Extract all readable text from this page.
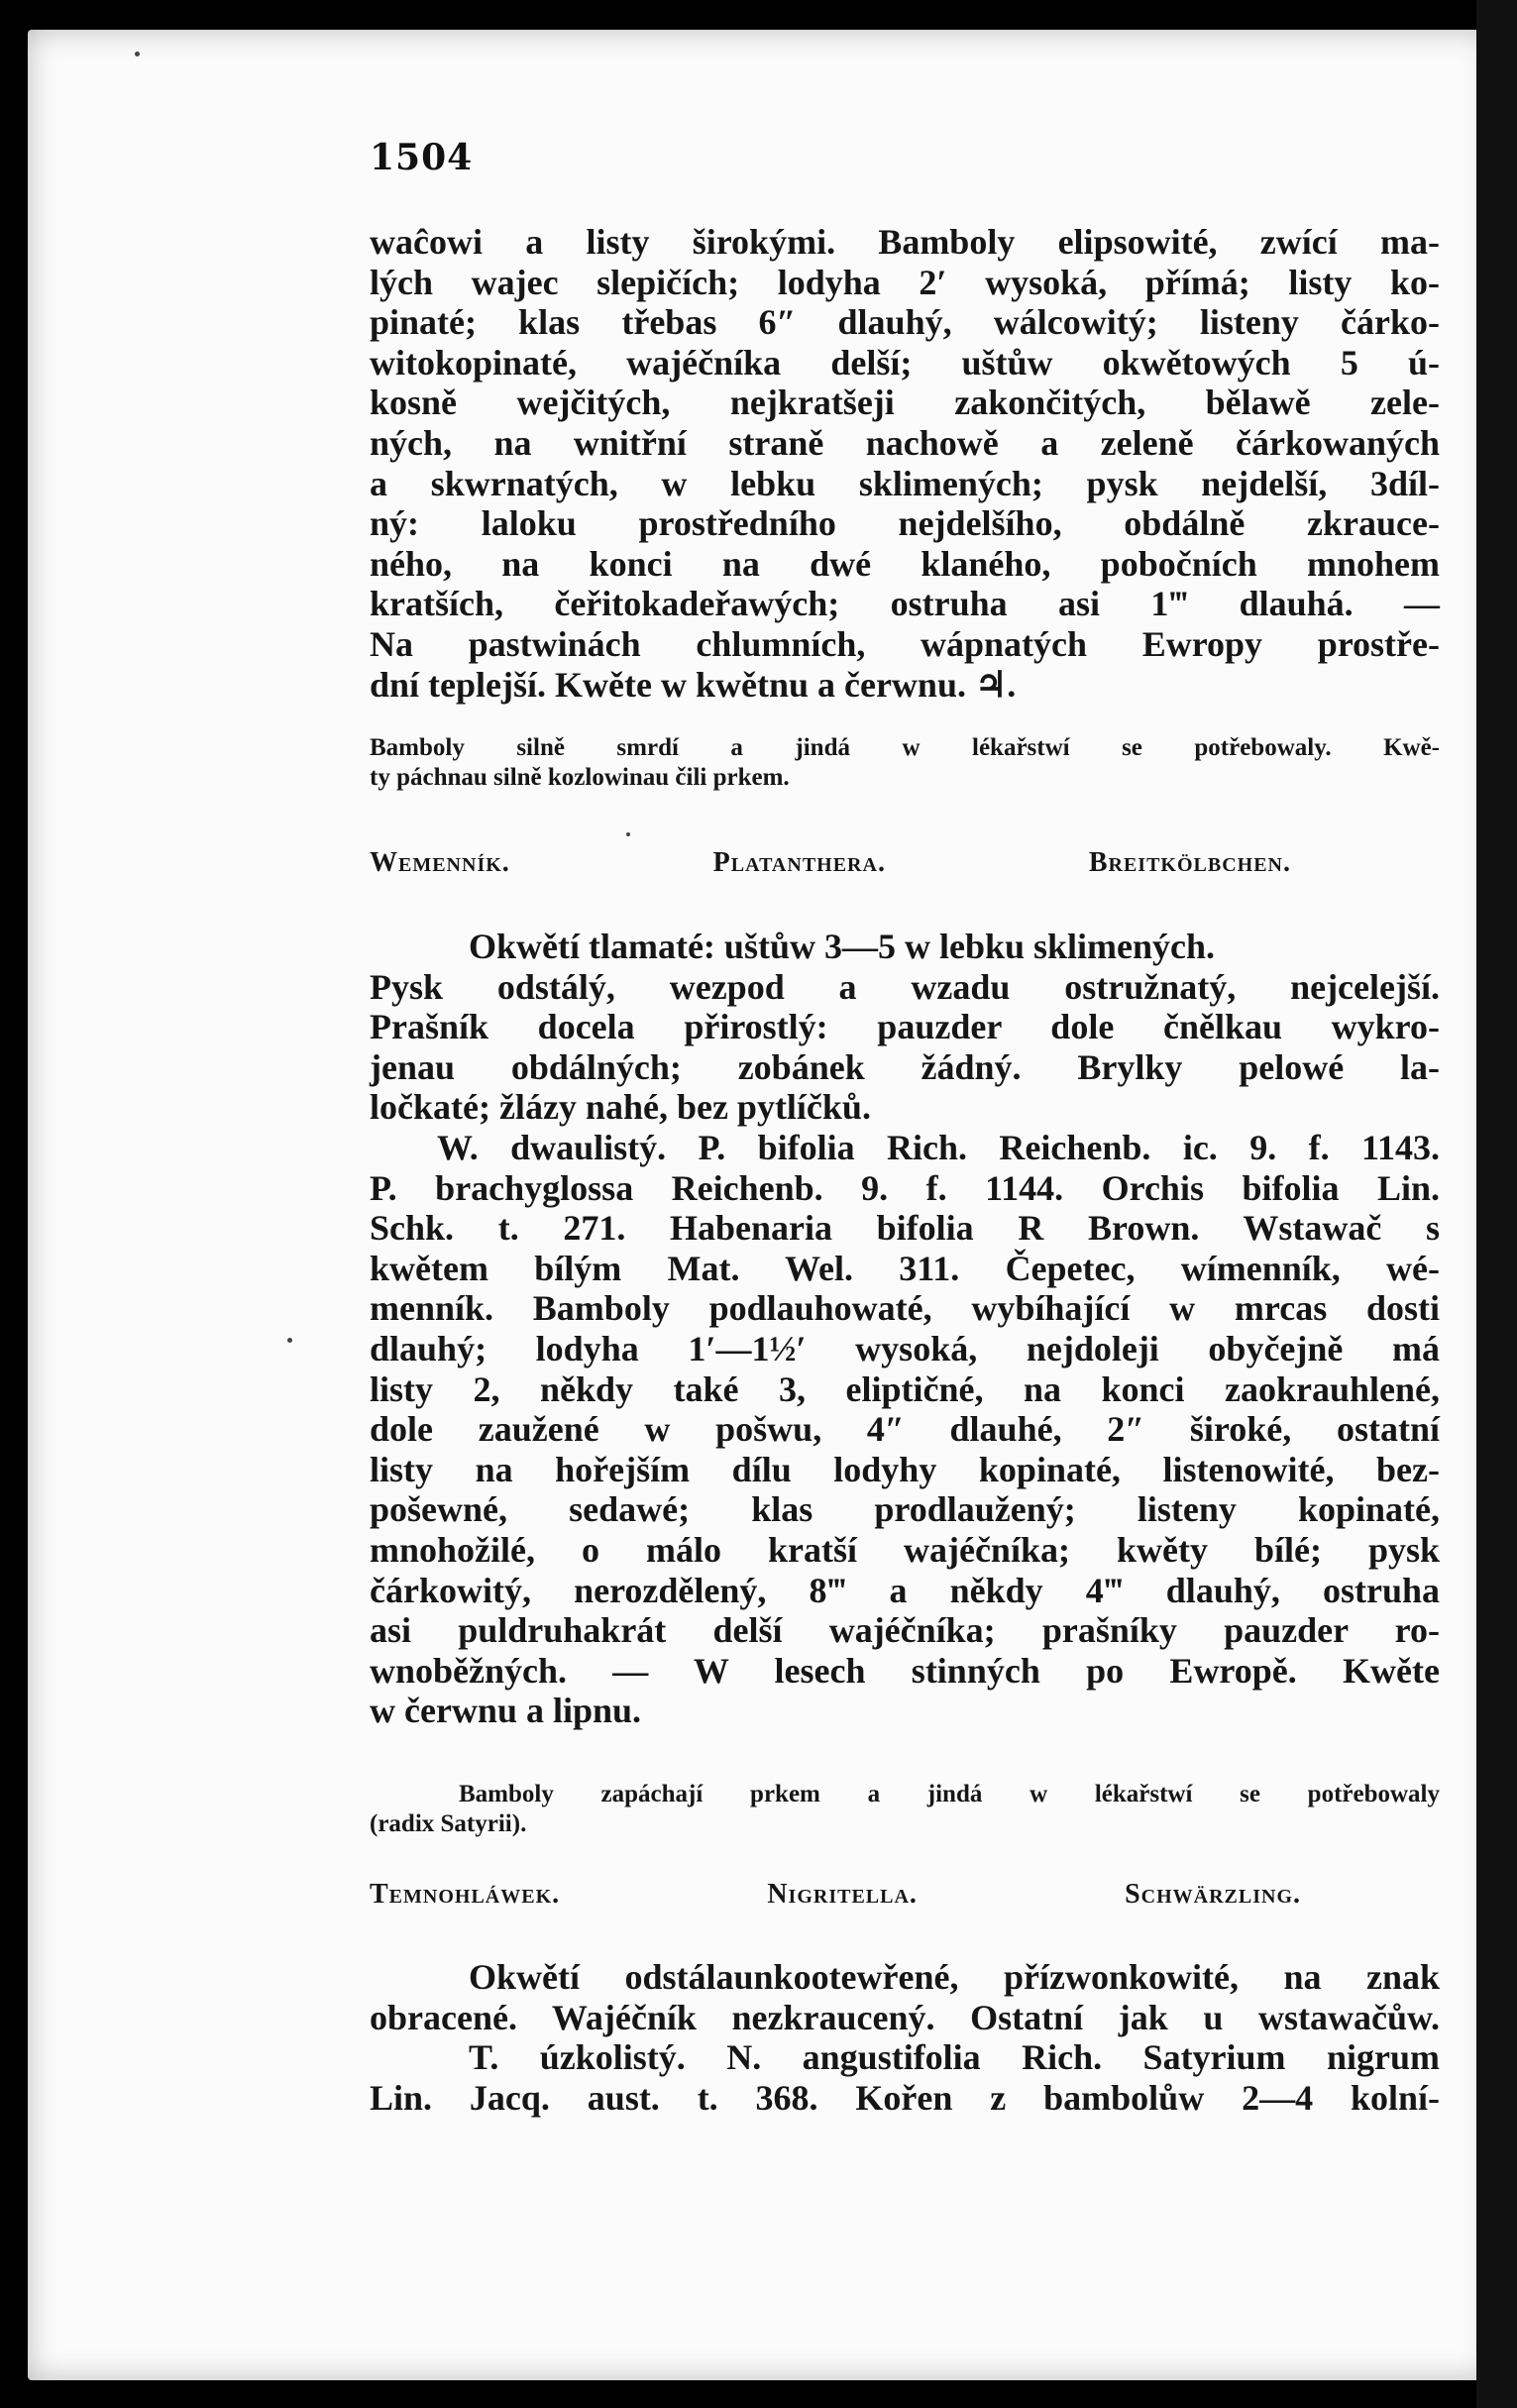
1504
waĉowi a listy širokými. Bamboly elipsowité, zwící ma-
lých wajec slepičích; lodyha 2′ wysoká, přímá; listy ko-
pinaté; klas třebas 6″ dlauhý, wálcowitý; listeny čárko-
witokopinaté, wajéčníka delší; uštůw okwětowých 5 ú-
kosně wejčitých, nejkratšeji zakončitých, bělawě zele-
ných, na wnitřní straně nachowě a zeleně čárkowaných
a skwrnatých, w lebku sklimených; pysk nejdelší, 3díl-
ný: laloku prostředního nejdelšího, obdálně zkrauce-
ného, na konci na dwé klaného, pobočních mnohem
kratších, čeřitokadeřawých; ostruha asi 1‴ dlauhá. —
Na pastwinách chlumních, wápnatých Ewropy prostře-
dní teplejší. Kwěte w kwětnu a čerwnu. ♃.
Bamboly silně smrdí a jindá w lékařstwí se potřebowaly. Kwě-
ty páchnau silně kozlowinau čili prkem.
Wemenník.	Platanthera.	Breitkölbchen.
Okwětí tlamaté: uštůw 3—5 w lebku sklimených.
Pysk odstálý, wezpod a wzadu ostružnatý, nejcelejší.
Prašník docela přirostlý: pauzder dole čnělkau wykro-
jenau obdálných; zobánek žádný. Brylky pelowé la-
ločkaté; žlázy nahé, bez pytlíčků.
W. dwaulistý. P. bifolia Rich. Reichenb. ic. 9. f. 1143.
P. brachyglossa Reichenb. 9. f. 1144. Orchis bifolia Lin.
Schk. t. 271. Habenaria bifolia R Brown. Wstawač s
kwětem bílým Mat. Wel. 311. Čepetec, wímenník, wé-
menník. Bamboly podlauhowaté, wybíhající w mrcas dosti
dlauhý; lodyha 1′—1½′ wysoká, nejdoleji obyčejně má
listy 2, někdy také 3, eliptičné, na konci zaokrauhlené,
dole zaužené w pošwu, 4″ dlauhé, 2″ široké, ostatní
listy na hořejším dílu lodyhy kopinaté, listenowité, bez-
pošewné, sedawé; klas prodlaužený; listeny kopinaté,
mnohožilé, o málo kratší wajéčníka; kwěty bílé; pysk
čárkowitý, nerozdělený, 8‴ a někdy 4‴ dlauhý, ostruha
asi puldruhakrát delší wajéčníka; prašníky pauzder ro-
wnoběžných. — W lesech stinných po Ewropě. Kwěte
w čerwnu a lipnu.
Bamboly zapáchají prkem a jindá w lékařstwí se potřebowaly
(radix Satyrii).
Temnohláwek.	Nigritella.	Schwärzling.
Okwětí odstálaunkootewřené, přízwonkowité, na znak
obracené. Wajéčník nezkraucený. Ostatní jak u wstawačůw.
T. úzkolistý. N. angustifolia Rich. Satyrium nigrum
Lin. Jacq. aust. t. 368. Kořen z bambolůw 2—4 kolní-
